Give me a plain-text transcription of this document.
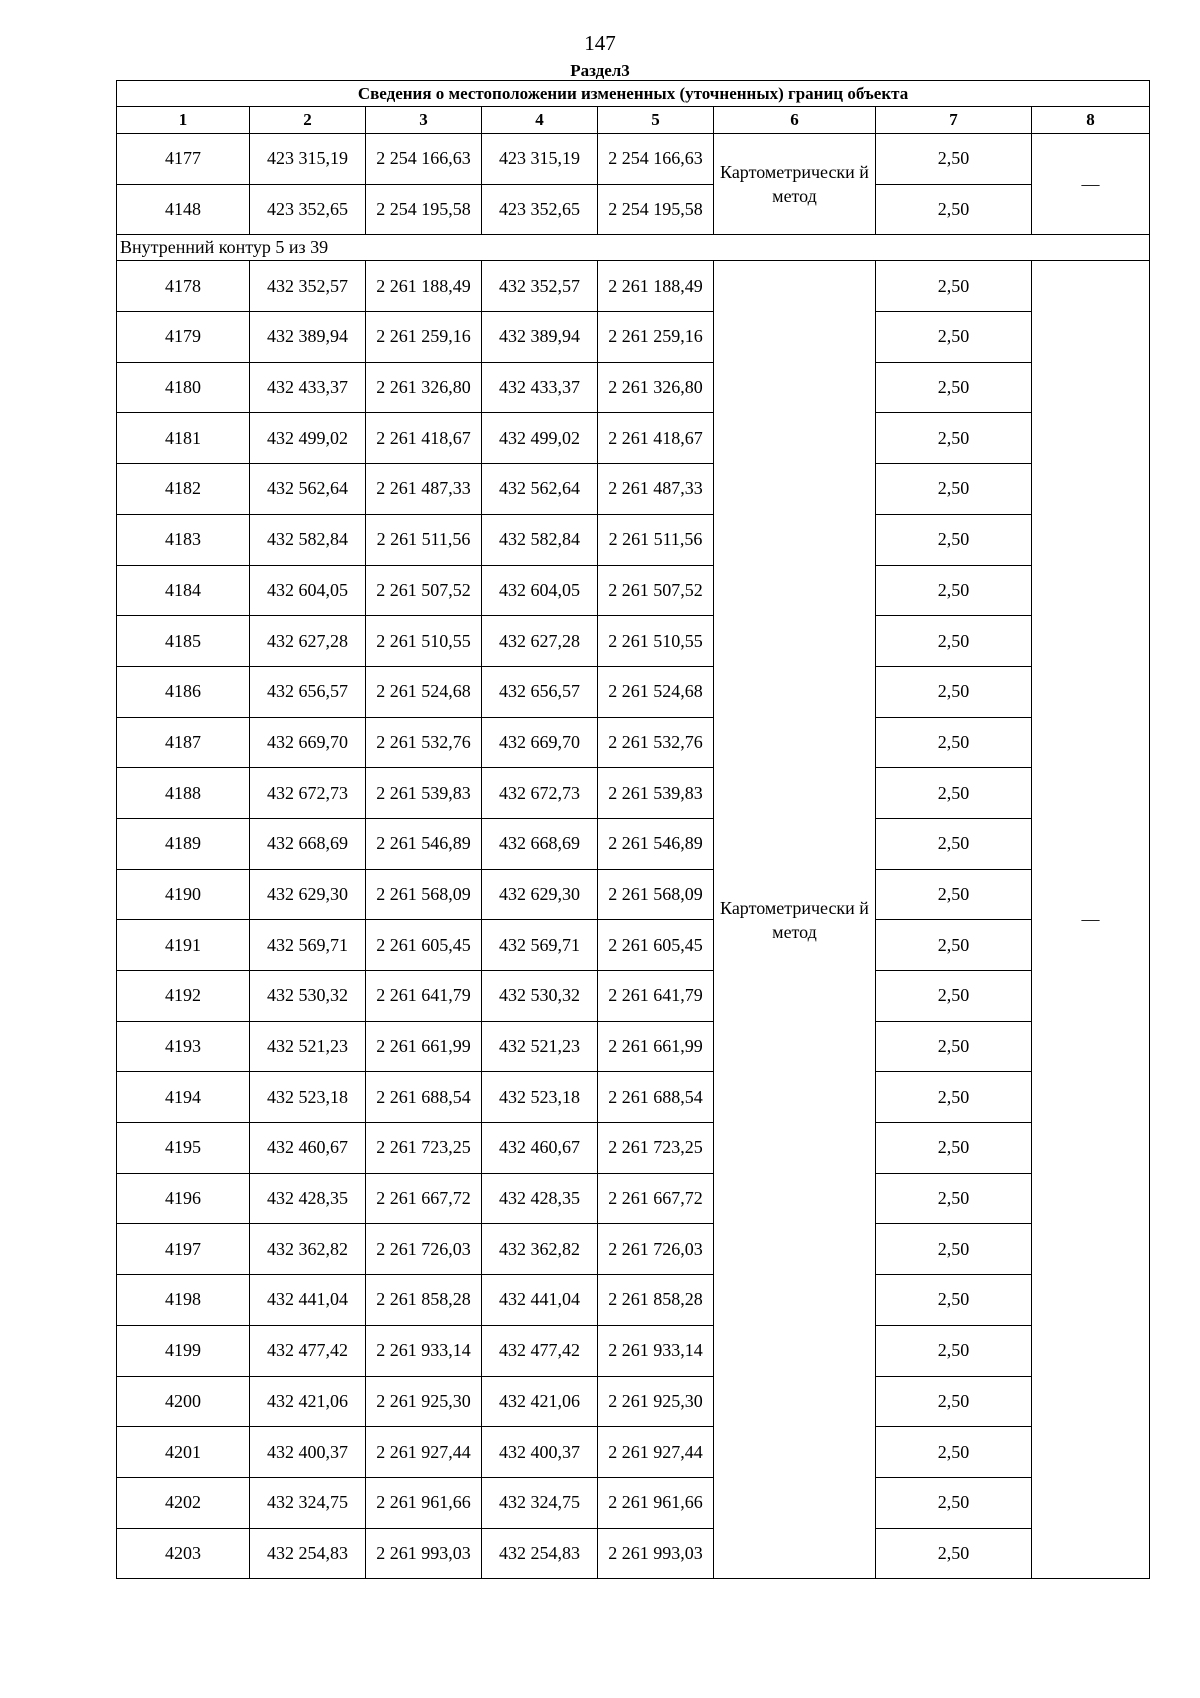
147
Раздел3
Сведения о местоположении измененных (уточненных) границ объекта							
1	2	3	4	5	6	7	8
4177	423 315,19	2 254 166,63	423 315,19	2 254 166,63	Картометрически й метод	2,50	—
4148	423 352,65	2 254 195,58	423 352,65	2 254 195,58		2,50	
Внутренний контур 5 из 39							
4178	432 352,57	2 261 188,49	432 352,57	2 261 188,49	Картометрически й метод	2,50	—
4179	432 389,94	2 261 259,16	432 389,94	2 261 259,16		2,50	
4180	432 433,37	2 261 326,80	432 433,37	2 261 326,80		2,50	
4181	432 499,02	2 261 418,67	432 499,02	2 261 418,67		2,50	
4182	432 562,64	2 261 487,33	432 562,64	2 261 487,33		2,50	
4183	432 582,84	2 261 511,56	432 582,84	2 261 511,56		2,50	
4184	432 604,05	2 261 507,52	432 604,05	2 261 507,52		2,50	
4185	432 627,28	2 261 510,55	432 627,28	2 261 510,55		2,50	
4186	432 656,57	2 261 524,68	432 656,57	2 261 524,68		2,50	
4187	432 669,70	2 261 532,76	432 669,70	2 261 532,76		2,50	
4188	432 672,73	2 261 539,83	432 672,73	2 261 539,83		2,50	
4189	432 668,69	2 261 546,89	432 668,69	2 261 546,89		2,50	
4190	432 629,30	2 261 568,09	432 629,30	2 261 568,09		2,50	
4191	432 569,71	2 261 605,45	432 569,71	2 261 605,45		2,50	
4192	432 530,32	2 261 641,79	432 530,32	2 261 641,79		2,50	
4193	432 521,23	2 261 661,99	432 521,23	2 261 661,99		2,50	
4194	432 523,18	2 261 688,54	432 523,18	2 261 688,54		2,50	
4195	432 460,67	2 261 723,25	432 460,67	2 261 723,25		2,50	
4196	432 428,35	2 261 667,72	432 428,35	2 261 667,72		2,50	
4197	432 362,82	2 261 726,03	432 362,82	2 261 726,03		2,50	
4198	432 441,04	2 261 858,28	432 441,04	2 261 858,28		2,50	
4199	432 477,42	2 261 933,14	432 477,42	2 261 933,14		2,50	
4200	432 421,06	2 261 925,30	432 421,06	2 261 925,30		2,50	
4201	432 400,37	2 261 927,44	432 400,37	2 261 927,44		2,50	
4202	432 324,75	2 261 961,66	432 324,75	2 261 961,66		2,50	
4203	432 254,83	2 261 993,03	432 254,83	2 261 993,03		2,50	
